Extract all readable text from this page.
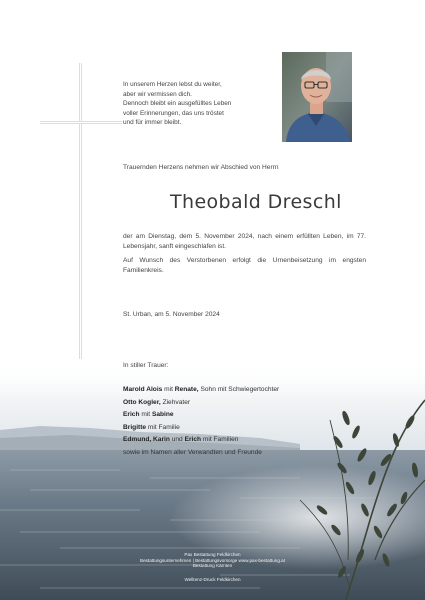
In unserem Herzen lebst du weiter,
aber wir vermissen dich.
Dennoch bleibt ein ausgefülltes Leben
voller Erinnerungen, das uns tröstet
und für immer bleibt.
Trauernden Herzens nehmen wir Abschied von Herrn
Theobald Dreschl
der am Dienstag, dem 5. November 2024, nach einem erfüllten Leben, im 77. Lebensjahr, sanft eingeschlafen ist.
Auf Wunsch des Verstorbenen erfolgt die Urnenbeisetzung im engsten Familienkreis.
St. Urban, am 5. November 2024
In stiller Trauer:
Marold Alois mit Renate, Sohn mit Schwiegertochter
Otto Kogler, Ziehvater
Erich mit Sabine
Brigitte mit Familie
Edmund, Karin und Erich mit Familien
sowie im Namen aller Verwandten und Freunde
Pax Bestattung Feldkirchen
Bestattungsunternehmen | Bestattungsvorsorge www.pax-bestattung.at
Bestattung Kärnten
Welltenz-Druck Feldkirchen
